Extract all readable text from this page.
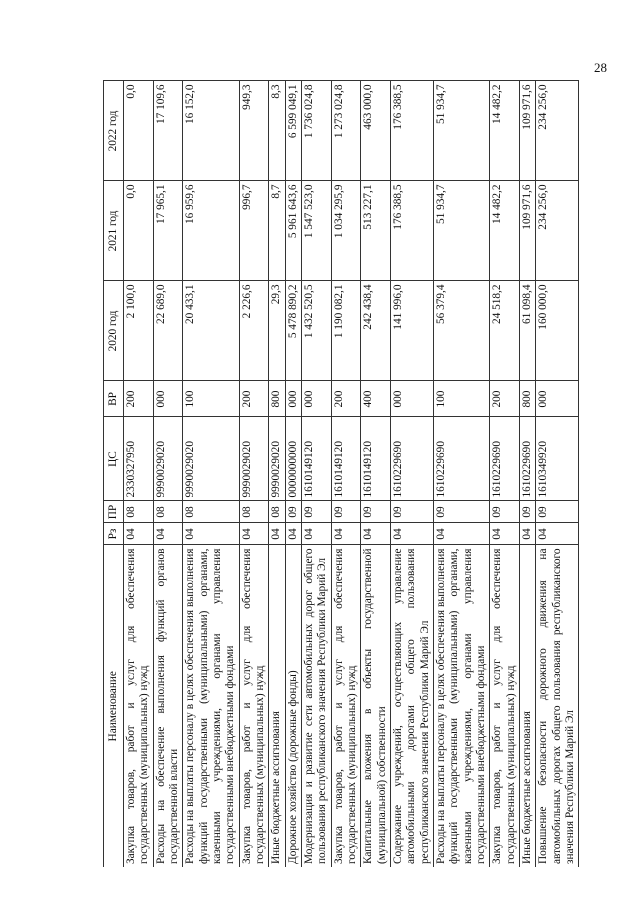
28
Наименование	Рз	ПР	ЦС	ВР	2020 год	2021 год	2022 год
Закупка товаров, работ и услуг для обеспечения государственных (муниципальных) нужд	04	08	2330327950	200	2 100,0	0,0	0,0
Расходы на обеспечение выполнения функций органов государственной власти	04	08	9990029020	000	22 689,0	17 965,1	17 109,6
Расходы на выплаты персоналу в целях обеспечения выполнения функций государственными (муниципальными) органами, казенными учреждениями, органами управления государственными внебюджетными фондами	04	08	9990029020	100	20 433,1	16 959,6	16 152,0
Закупка товаров, работ и услуг для обеспечения государственных (муниципальных) нужд	04	08	9990029020	200	2 226,6	996,7	949,3
Иные бюджетные ассигнования	04	08	9990029020	800	29,3	8,7	8,3
Дорожное хозяйство (дорожные фонды)	04	09	0000000000	000	5 478 890,2	5 961 643,6	6 599 049,1
Модернизация и развитие сети автомобильных дорог общего пользования республиканского значения Республики Марий Эл	04	09	1610149120	000	1 432 520,5	1 547 523,0	1 736 024,8
Закупка товаров, работ и услуг для обеспечения государственных (муниципальных) нужд	04	09	1610149120	200	1 190 082,1	1 034 295,9	1 273 024,8
Капитальные вложения в объекты государственной (муниципальной) собственности	04	09	1610149120	400	242 438,4	513 227,1	463 000,0
Содержание учреждений, осуществляющих управление автомобильными дорогами общего пользования республиканского значения Республики Марий Эл	04	09	1610229690	000	141 996,0	176 388,5	176 388,5
Расходы на выплаты персоналу в целях обеспечения выполнения функций государственными (муниципальными) органами, казенными учреждениями, органами управления государственными внебюджетными фондами	04	09	1610229690	100	56 379,4	51 934,7	51 934,7
Закупка товаров, работ и услуг для обеспечения государственных (муниципальных) нужд	04	09	1610229690	200	24 518,2	14 482,2	14 482,2
Иные бюджетные ассигнования	04	09	1610229690	800	61 098,4	109 971,6	109 971,6
Повышение безопасности дорожного движения на автомобильных дорогах общего пользования республиканского значения Республики Марий Эл	04	09	1610349920	000	160 000,0	234 256,0	234 256,0
